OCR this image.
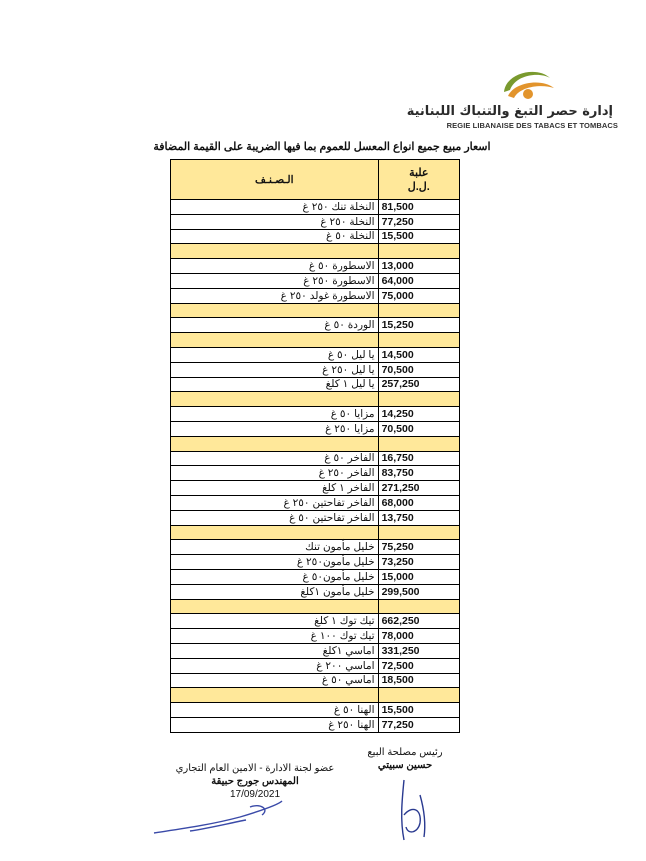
إدارة حصر التبغ والتنباك اللبنانية
REGIE LIBANAISE DES TABACS ET TOMBACS
اسعار مبيع جميع انواع المعسل للعموم بما فيها الضريبة على القيمة المضافة
الـصـنـف	علبة
ل.ل.

النخلة تنك ٢٥٠ غ	81,500
النخلة ٢٥٠ غ	77,250
النخلة ٥٠ غ	15,500

الاسطورة ٥٠ غ	13,000
الاسطورة ٢٥٠ غ	64,000
الاسطورة غولد ٢٥٠ غ	75,000

الوردة ٥٠ غ	15,250

يا ليل ٥٠ غ	14,500
يا ليل ٢٥٠ غ	70,500
يا ليل ١ كلغ	257,250

مزايا ٥٠ غ	14,250
مزايا ٢٥٠ غ	70,500

الفاخر ٥٠ غ	16,750
الفاخر ٢٥٠ غ	83,750
الفاخر ١ كلغ	271,250
الفاخر تفاحتين ٢٥٠ غ	68,000
الفاخر تفاحتين ٥٠ غ	13,750

خليل مأمون تنك	75,250
خليل مأمون٢٥٠ غ	73,250
خليل مأمون٥٠ غ	15,000
خليل مأمون ١كلغ	299,500

تيك توك ١ كلغ	662,250
تيك توك ١٠٠ غ	78,000
اماسي ١كلغ	331,250
اماسي ٢٠٠ غ	72,500
اماسي ٥٠ غ	18,500

الهنا ٥٠ غ	15,500
الهنا ٢٥٠ غ	77,250
رئيس مصلحة البيع
حسين سبيتي
عضو لجنة الادارة - الامين العام التجاري
المهندس جورج حبيقة
17/09/2021
